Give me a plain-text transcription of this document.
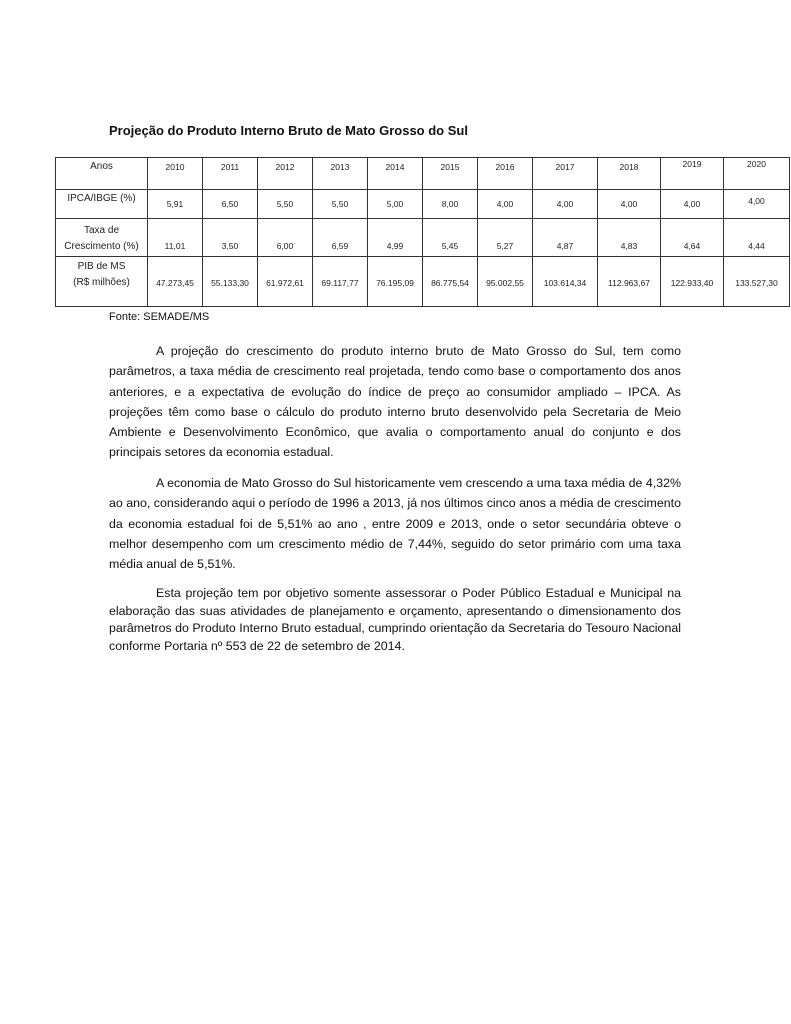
Projeção do Produto Interno Bruto de Mato Grosso do Sul
Anos	2010	2011	2012	2013	2014	2015	2016	2017	2018	2019	2020
IPCA/IBGE (%)	5,91	6,50	5,50	5,50	5,00	8,00	4,00	4,00	4,00	4,00	4,00

Taxa de
Crescimento (%)	11,01	3,50	6,00	6,59	4,99	5,45	5,27	4,87	4,83	4,64	4,44

PIB de MS
(R$ milhões)	47.273,45	55.133,30	61.972,61	69.117,77	76.195,09	86.775,54	95.002,55	103.614,34	112.963,67	122.933,40	133.527,30
Fonte: SEMADE/MS

A projeção do crescimento do produto interno bruto de Mato Grosso do Sul, tem como parâmetros, a taxa média de crescimento real projetada, tendo como base o comportamento dos anos anteriores, e a expectativa de evolução do índice de preço ao consumidor ampliado – IPCA. As projeções têm como base o cálculo do produto interno bruto desenvolvido pela Secretaria de Meio Ambiente e Desenvolvimento Econômico, que avalia o comportamento anual do conjunto e dos principais setores da economia estadual.

A economia de Mato Grosso do Sul historicamente vem crescendo a uma taxa média de 4,32% ao ano, considerando aqui o período de 1996 a 2013, já nos últimos cinco anos a média de crescimento da economia estadual foi de 5,51% ao ano , entre 2009 e 2013, onde o setor secundária obteve o melhor desempenho com um crescimento médio de 7,44%, seguido do setor primário com uma taxa média anual de 5,51%.

Esta projeção tem por objetivo somente assessorar o Poder Público Estadual e Municipal na elaboração das suas atividades de planejamento e orçamento, apresentando o dimensionamento dos parâmetros do Produto Interno Bruto estadual, cumprindo orientação da Secretaria do Tesouro Nacional conforme Portaria nº 553 de 22 de setembro de 2014.
